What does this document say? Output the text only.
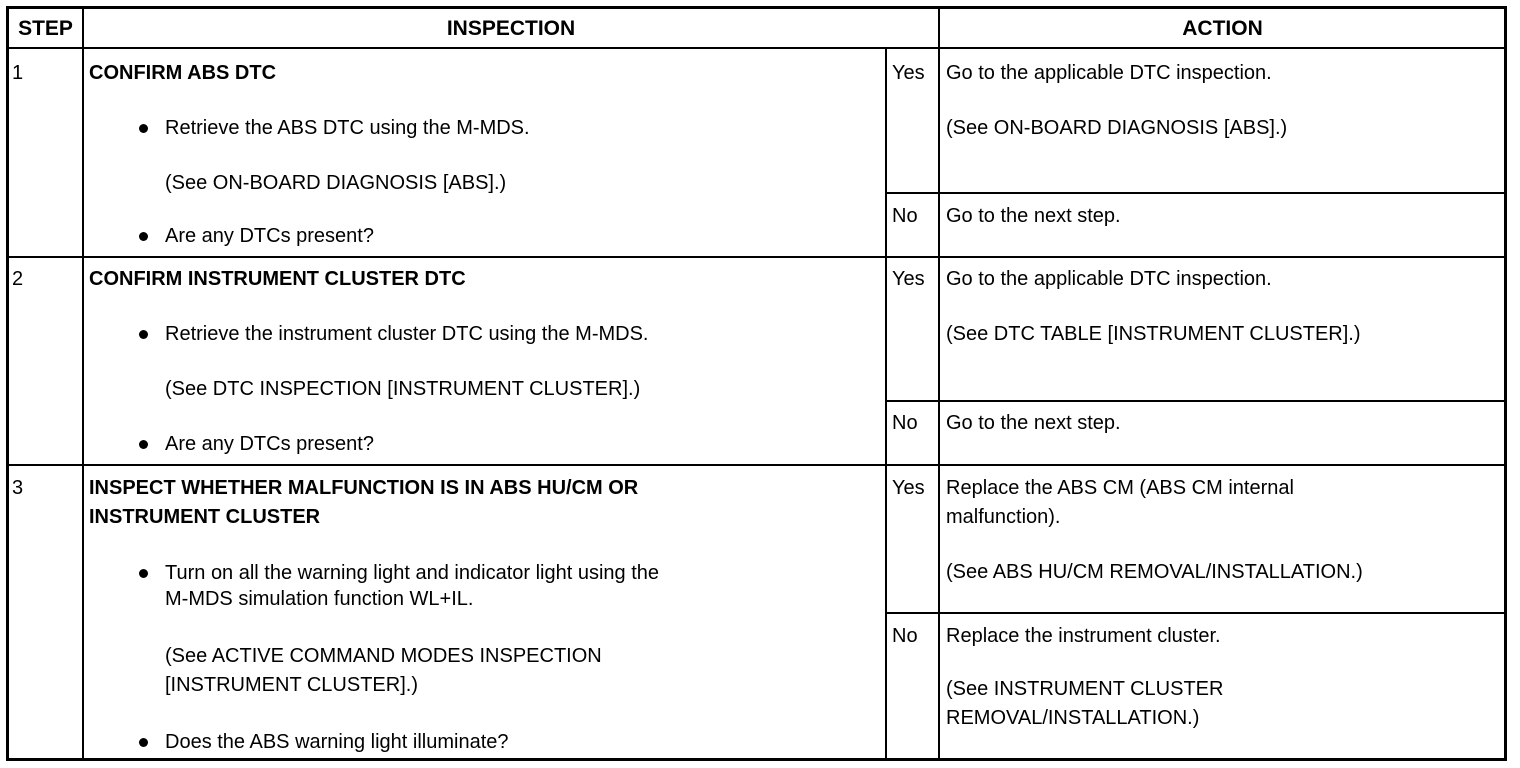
STEP	INSPECTION	ACTION
1	CONFIRM ABS DTC
Retrieve the ABS DTC using the M-MDS.
(See ON-BOARD DIAGNOSIS [ABS].)
Are any DTCs present?
Yes Go to the applicable DTC inspection.
(See ON-BOARD DIAGNOSIS [ABS].)
No Go to the next step.
2	CONFIRM INSTRUMENT CLUSTER DTC
Retrieve the instrument cluster DTC using the M-MDS.
(See DTC INSPECTION [INSTRUMENT CLUSTER].)
Are any DTCs present?
Yes Go to the applicable DTC inspection.
(See DTC TABLE [INSTRUMENT CLUSTER].)
No Go to the next step.
3	INSPECT WHETHER MALFUNCTION IS IN ABS HU/CM OR
INSTRUMENT CLUSTER
Turn on all the warning light and indicator light using the
M-MDS simulation function WL+IL.
(See ACTIVE COMMAND MODES INSPECTION
[INSTRUMENT CLUSTER].)
Does the ABS warning light illuminate?
Yes Replace the ABS CM (ABS CM internal
malfunction).
(See ABS HU/CM REMOVAL/INSTALLATION.)
No Replace the instrument cluster.
(See INSTRUMENT CLUSTER
REMOVAL/INSTALLATION.)
